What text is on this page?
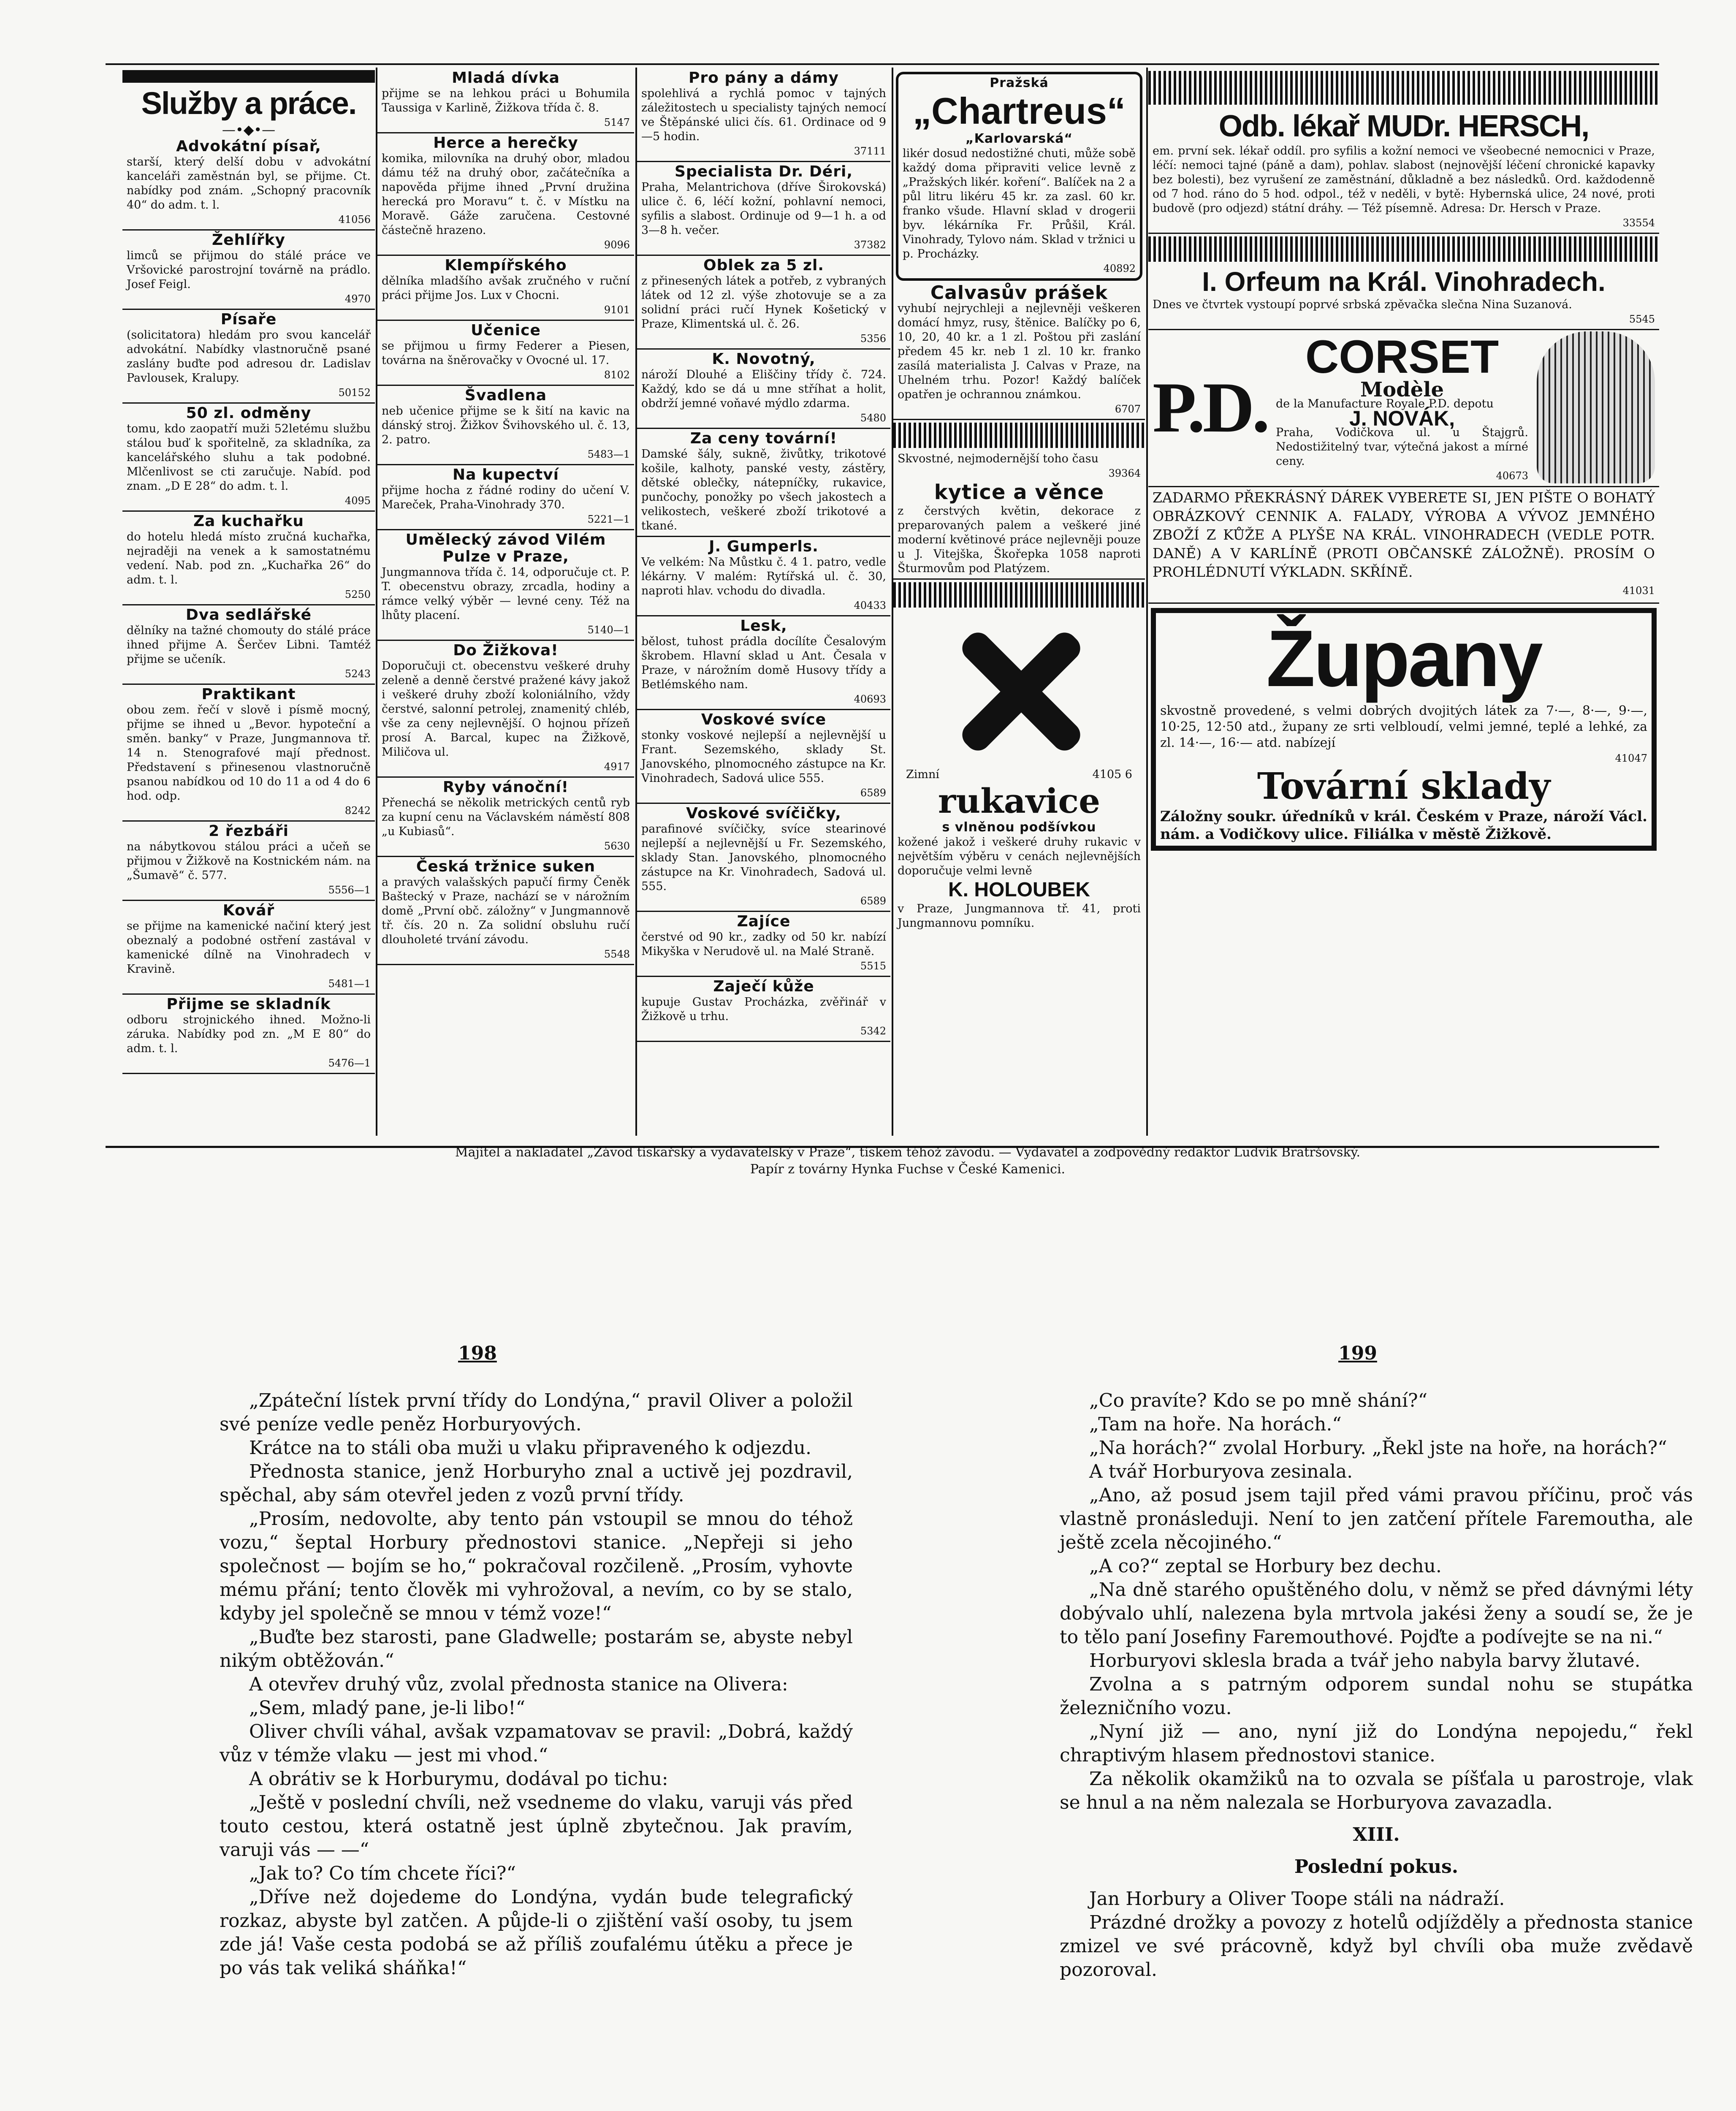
Služby a práce.
—•◆•—
Advokátní písař,

starší, který delší dobu v advokátní kanceláři zaměstnán byl, se přijme. Ct. nabídky pod znám. „Schopný pracovník 40“ do adm. t. l.

41056
Žehlířky

limců se přijmou do stálé práce ve Vršovické parostrojní továrně na prádlo. Josef Feigl.

4970
Písaře

(solicitatora) hledám pro svou kancelář advokátní. Nabídky vlastnoručně psané zaslány buďte pod adresou dr. Ladislav Pavlousek, Kralupy.

50152
50 zl. odměny

tomu, kdo zaopatří muži 52letému službu stálou buď k spořitelně, za skladníka, za kancelářského sluhu a tak podobné. Mlčenlivost se cti zaručuje. Nabíd. pod znam. „D E 28“ do adm. t. l.

4095
Za kuchařku

do hotelu hledá místo zručná kuchařka, nejraději na venek a k samostatnému vedení. Nab. pod zn. „Kuchařka 26“ do adm. t. l.

5250
Dva sedlářské

dělníky na tažné chomouty do stálé práce ihned přijme A. Šerčev Libni. Tamtéž přijme se učeník.

5243
Praktikant

obou zem. řečí v slově i písmě mocný, přijme se ihned u „Bevor. hypoteční a směn. banky“ v Praze, Jungmannova tř. 14 n. Stenografové mají přednost. Představení s přinesenou vlastnoručně psanou nabídkou od 10 do 11 a od 4 do 6 hod. odp.

8242
2 řezbáři

na nábytkovou stálou práci a učeň se přijmou v Žižkově na Kostnickém nám. na „Šumavě“ č. 577.

5556—1
Kovář

se přijme na kamenické načiní který jest obeznalý a podobné ostření zastával v kamenické dílně na Vinohradech v Kravině.

5481—1
Přijme se skladník

odboru strojnického ihned. Možno-li záruka. Nabídky pod zn. „M E 80“ do adm. t. l.

5476—1
Mladá dívka

přijme se na lehkou práci u Bohumila Taussiga v Karlině, Žižkova třída č. 8.

5147
Herce a herečky

komika, milovníka na druhý obor, mladou dámu též na druhý obor, začátečníka a napověda přijme ihned „První družina herecká pro Moravu“ t. č. v Místku na Moravě. Gáže zaručena. Cestovné částečně hrazeno.

9096
Klempířského

dělníka mladšího avšak zručného v ruční práci přijme Jos. Lux v Chocni.

9101
Učenice

se přijmou u firmy Federer a Piesen, továrna na šněrovačky v Ovocné ul. 17.

8102
Švadlena

neb učenice přijme se k šití na kavic na dánský stroj. Žižkov Švihovského ul. č. 13, 2. patro.

5483—1
Na kupectví

přijme hocha z řádné rodiny do učení V. Mareček, Praha-Vinohrady 370.

5221—1
Umělecký závod Vilém Pulze v Praze,

Jungmannova třída č. 14, odporučuje ct. P. T. obecenstvu obrazy, zrcadla, hodiny a rámce velký výběr — levné ceny. Též na lhůty placení.

5140—1
Do Žižkova!

Doporučuji ct. obecenstvu veškeré druhy zeleně a denně čerstvé pražené kávy jakož i veškeré druhy zboží koloniálního, vždy čerstvé, salonní petrolej, znamenitý chléb, vše za ceny nejlevnější. O hojnou přízeň prosí A. Barcal, kupec na Žižkově, Miličova ul.

4917
Ryby vánoční!

Přenechá se několik metrických centů ryb za kupní cenu na Václavském náměstí 808 „u Kubiasů“.

5630
Česká tržnice suken

a pravých valašských papučí firmy Čeněk Baštecký v Praze, nachází se v nárožním domě „První obč. záložny“ v Jungmannově tř. čís. 20 n. Za solidní obsluhu ručí dlouholeté trvání závodu.

5548
Pro pány a dámy

spolehlivá a rychlá pomoc v tajných záležitostech u specialisty tajných nemocí ve Štěpánské ulici čís. 61. Ordinace od 9—5 hodin.

37111
Specialista Dr. Déri,

Praha, Melantrichova (dříve Širokovská) ulice č. 6, léčí kožní, pohlavní nemoci, syfilis a slabost. Ordinuje od 9—1 h. a od 3—8 h. večer.

37382
Oblek za 5 zl.

z přinesených látek a potřeb, z vybraných látek od 12 zl. výše zhotovuje se a za solidní práci ručí Hynek Košetický v Praze, Klimentská ul. č. 26.

5356
K. Novotný,

nároží Dlouhé a Eliščiny třídy č. 724. Každý, kdo se dá u mne stříhat a holit, obdrží jemné voňavé mýdlo zdarma.

5480
Za ceny tovární!

Damské šály, sukně, živůtky, trikotové košile, kalhoty, panské vesty, zástěry, dětské oblečky, nátepníčky, rukavice, punčochy, ponožky po všech jakostech a velikostech, veškeré zboží trikotové a tkané.

J. Gumperls.

Ve velkém: Na Můstku č. 4 1. patro, vedle lékárny. V malém: Rytířská ul. č. 30, naproti hlav. vchodu do divadla.

40433
Lesk,

bělost, tuhost prádla docílíte Česalovým škrobem. Hlavní sklad u Ant. Česala v Praze, v nárožním domě Husovy třídy a Betlémského nam.

40693
Voskové svíce

stonky voskové nejlepší a nejlevnější u Frant. Sezemského, sklady St. Janovského, plnomocného zástupce na Kr. Vinohradech, Sadová ulice 555.

6589
Voskové svíčičky,

parafinové svíčičky, svíce stearinové nejlepší a nejlevnější u Fr. Sezemského, sklady Stan. Janovského, plnomocného zástupce na Kr. Vinohradech, Sadová ul. 555.

6589
Zajíce

čerstvé od 90 kr., zadky od 50 kr. nabízí Mikyška v Nerudově ul. na Malé Straně.

5515
Zaječí kůže

kupuje Gustav Procházka, zvěřinář v Žižkově u trhu.

5342
Pražská
„Chartreus“
„Karlovarská“

likér dosud nedostižné chuti, může sobě každý doma připraviti velice levně z „Pražských likér. koření“. Balíček na 2 a půl litru likéru 45 kr. za zasl. 60 kr. franko všude. Hlavní sklad v drogerii byv. lékárníka Fr. Průšil, Král. Vinohrady, Tylovo nám. Sklad v tržnici u p. Procházky.

40892
Calvasův prášek

vyhubí nejrychleji a nejlevněji veškeren domácí hmyz, rusy, štěnice. Balíčky po 6, 10, 20, 40 kr. a 1 zl. Poštou při zaslání předem 45 kr. neb 1 zl. 10 kr. franko zasílá materialista J. Calvas v Praze, na Uhelném trhu. Pozor! Každý balíček opatřen je ochrannou známkou.

6707

Skvostné, nejmodernější toho času

39364
kytice a věnce

z čerstvých květin, dekorace z preparovaných palem a veškeré jiné moderní květinové práce nejlevněji pouze u J. Vitejška, Škořepka 1058 naproti Šturmovům pod Platýzem.

Zimní	4105 6
rukavice
s vlněnou podšívkou

kožené jakož i veškeré druhy rukavic v největším výběru v cenách nejlevnějších doporučuje velmi levně

K. HOLOUBEK

v Praze, Jungmannova tř. 41, proti Jungmannovu pomníku.

Odb. lékař MUDr. HERSCH,

em. první sek. lékař oddíl. pro syfilis a kožní nemoci ve všeobecné nemocnici v Praze, léčí: nemoci tajné (páně a dam), pohlav. slabost (nejnovější léčení chronické kapavky bez bolesti), bez vyrušení ze zaměstnání, důkladně a bez následků. Ord. každodenně od 7 hod. ráno do 5 hod. odpol., též v neděli, v bytě: Hybernská ulice, 24 nové, proti budově (pro odjezd) státní dráhy. — Též písemně. Adresa: Dr. Hersch v Praze.

33554
I. Orfeum na Král. Vinohradech.

Dnes ve čtvrtek vystoupí poprvé srbská zpěvačka slečna Nina Suzanová.

5545
P.D.
CORSET
Modèle

de la Manufacture Royale P.D. depotu

J. NOVÁK,

Praha, Vodičkova ul. u Štajgrů. Nedostižitelný tvar, výtečná jakost a mírné ceny.

40673

ZADARMO PŘEKRÁSNÝ DÁREK VYBERETE SI, JEN PIŠTE O BOHATÝ OBRÁZKOVÝ CENNIK A. FALADY, VÝROBA A VÝVOZ JEMNÉHO ZBOŽÍ Z KŮŽE A PLYŠE NA KRÁL. VINOHRADECH (VEDLE POTR. DANĚ) A V KARLÍNĚ (PROTI OBČANSKÉ ZÁLOŽNĚ). PROSÍM O PROHLÉDNUTÍ VÝKLADN. SKŘÍNĚ.

41031
Župany

skvostně provedené, s velmi dobrých dvojitých látek za 7·—, 8·—, 9·—, 10·25, 12·50 atd., župany ze srti velbloudí, velmi jemné, teplé a lehké, za zl. 14·—, 16·— atd. nabízejí

41047
Tovární sklady

Záložny soukr. úředníků v král. Českém v Praze, nároží Václ. nám. a Vodičkovy ulice. Filiálka v městě Žižkově.

Majitel a nakladatel „Závod tiskařský a vydavatelský v Praze“, tiskem téhož závodu. — Vydavatel a zodpovědný redaktor Ludvík Bratršovský.
Papír z továrny Hynka Fuchse v České Kamenici.
198	199

„Zpáteční lístek první třídy do Londýna,“ pravil Oliver a položil své peníze vedle peněz Horburyových.

Krátce na to stáli oba muži u vlaku připraveného k odjezdu.

Přednosta stanice, jenž Horburyho znal a uctivě jej pozdravil, spěchal, aby sám otevřel jeden z vozů první třídy.

„Prosím, nedovolte, aby tento pán vstoupil se mnou do téhož vozu,“ šeptal Horbury přednostovi stanice. „Nepřeji si jeho společnost — bojím se ho,“ pokračoval rozčileně. „Prosím, vyhovte mému přání; tento člověk mi vyhrožoval, a nevím, co by se stalo, kdyby jel společně se mnou v témž voze!“

„Buďte bez starosti, pane Gladwelle; postarám se, abyste nebyl nikým obtěžován.“

A otevřev druhý vůz, zvolal přednosta stanice na Olivera:

„Sem, mladý pane, je-li libo!“

Oliver chvíli váhal, avšak vzpamatovav se pravil: „Dobrá, každý vůz v témže vlaku — jest mi vhod.“

A obrátiv se k Horburymu, dodával po tichu:

„Ještě v poslední chvíli, než vsedneme do vlaku, varuji vás před touto cestou, která ostatně jest úplně zbytečnou. Jak pravím, varuji vás — —“

„Jak to? Co tím chcete říci?“

„Dříve než dojedeme do Londýna, vydán bude telegrafický rozkaz, abyste byl zatčen. A půjde-li o zjištění vaší osoby, tu jsem zde já! Vaše cesta podobá se až příliš zoufalému útěku a přece je po vás tak veliká sháňka!“

„Co pravíte? Kdo se po mně shání?“

„Tam na hoře. Na horách.“

„Na horách?“ zvolal Horbury. „Řekl jste na hoře, na horách?“

A tvář Horburyova zesinala.

„Ano, až posud jsem tajil před vámi pravou příčinu, proč vás vlastně pronásleduji. Není to jen zatčení přítele Faremoutha, ale ještě zcela něcojiného.“

„A co?“ zeptal se Horbury bez dechu.

„Na dně starého opuštěného dolu, v němž se před dávnými léty dobývalo uhlí, nalezena byla mrtvola jakési ženy a soudí se, že je to tělo paní Josefiny Faremouthové. Pojďte a podívejte se na ni.“

Horburyovi sklesla brada a tvář jeho nabyla barvy žlutavé.

Zvolna a s patrným odporem sundal nohu se stupátka železničního vozu.

„Nyní již — ano, nyní již do Londýna nepojedu,“ řekl chraptivým hlasem přednostovi stanice.

Za několik okamžiků na to ozvala se píšťala u parostroje, vlak se hnul a na něm nalezala se Horburyova zavazadla.

XIII.
Poslední pokus.

Jan Horbury a Oliver Toope stáli na nádraží.

Prázdné drožky a povozy z hotelů odjížděly a přednosta stanice zmizel ve své prácovně, když byl chvíli oba muže zvědavě pozoroval.
